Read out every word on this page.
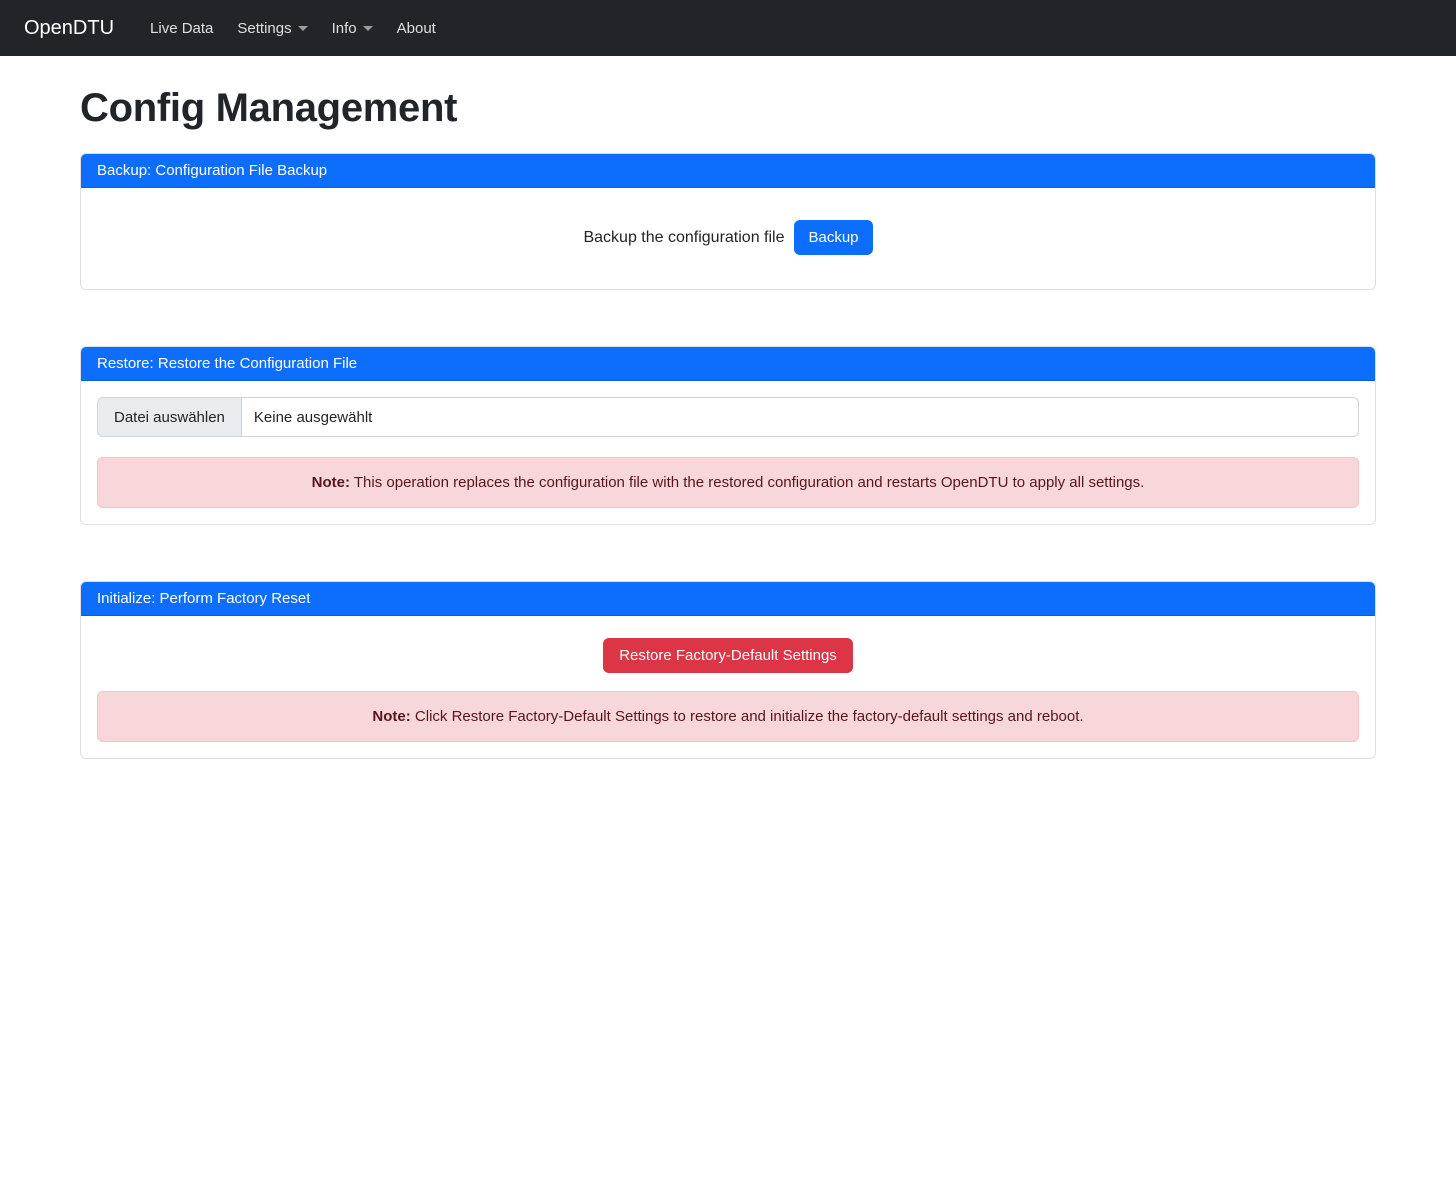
OpenDTU	Live Data Settings	Info	About
Config Management
Backup: Configuration File Backup
Backup the configuration file	Backup
Restore: Restore the Configuration File
Datei auswählen	Keine ausgewählt
Note: This operation replaces the configuration file with the restored configuration and restarts OpenDTU to apply all settings.
Initialize: Perform Factory Reset
Restore Factory-Default Settings
Note: Click Restore Factory-Default Settings to restore and initialize the factory-default settings and reboot.
